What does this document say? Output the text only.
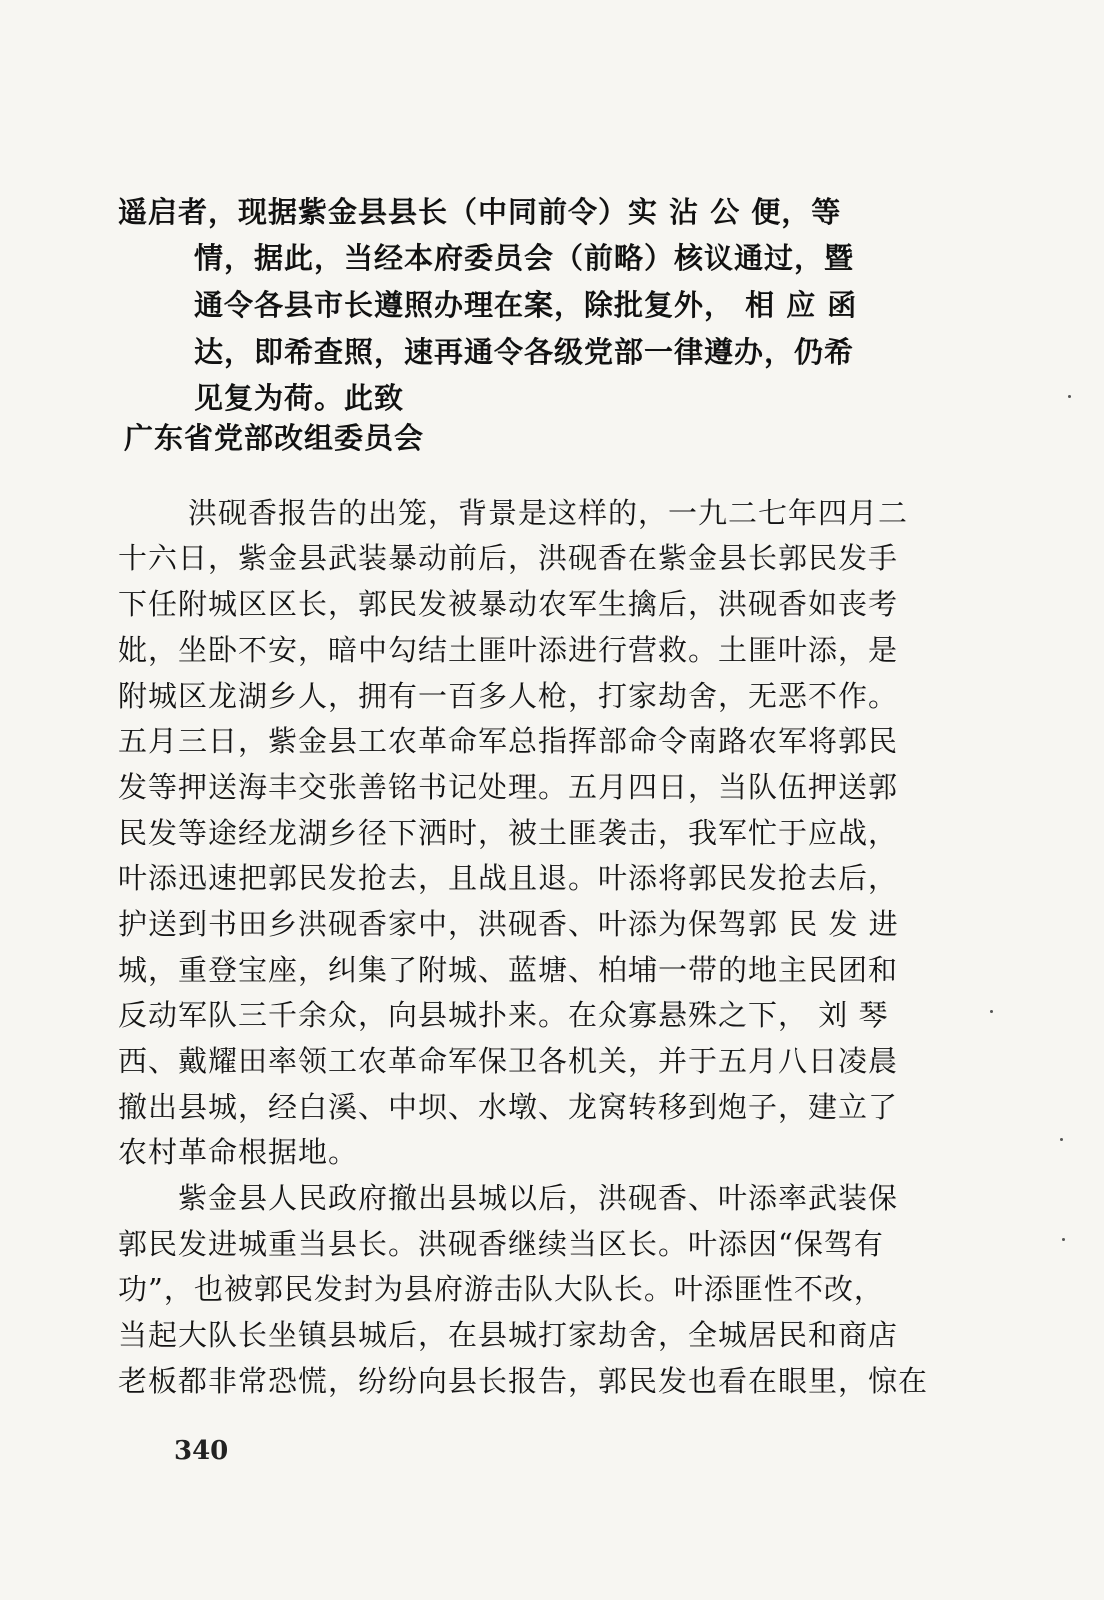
遥启者，现据紫金县县长（中同前令）实 沾 公 便，等
情，据此，当经本府委员会（前略）核议通过，暨
通令各县市长遵照办理在案，除批复外， 相 应 函
达，即希查照，速再通令各级党部一律遵办，仍希
见复为荷。此致
广东省党部改组委员会
洪砚香报告的出笼，背景是这样的，一九二七年四月二
十六日，紫金县武装暴动前后，洪砚香在紫金县长郭民发手
下任附城区区长，郭民发被暴动农军生擒后，洪砚香如丧考
妣，坐卧不安，暗中勾结土匪叶添进行营救。土匪叶添，是
附城区龙湖乡人，拥有一百多人枪，打家劫舍，无恶不作。
五月三日，紫金县工农革命军总指挥部命令南路农军将郭民
发等押送海丰交张善铭书记处理。五月四日，当队伍押送郭
民发等途经龙湖乡径下洒时，被土匪袭击，我军忙于应战，
叶添迅速把郭民发抢去，且战且退。叶添将郭民发抢去后，
护送到书田乡洪砚香家中，洪砚香、叶添为保驾郭 民 发 进
城，重登宝座，纠集了附城、蓝塘、柏埔一带的地主民团和
反动军队三千余众，向县城扑来。在众寡悬殊之下， 刘 琴
西、戴耀田率领工农革命军保卫各机关，并于五月八日凌晨
撤出县城，经白溪、中坝、水墩、龙窝转移到炮子，建立了
农村革命根据地。
紫金县人民政府撤出县城以后，洪砚香、叶添率武装保
郭民发进城重当县长。洪砚香继续当区长。叶添因“保驾有
功”，也被郭民发封为县府游击队大队长。叶添匪性不改，
当起大队长坐镇县城后，在县城打家劫舍，全城居民和商店
老板都非常恐慌，纷纷向县长报告，郭民发也看在眼里，惊在
340
